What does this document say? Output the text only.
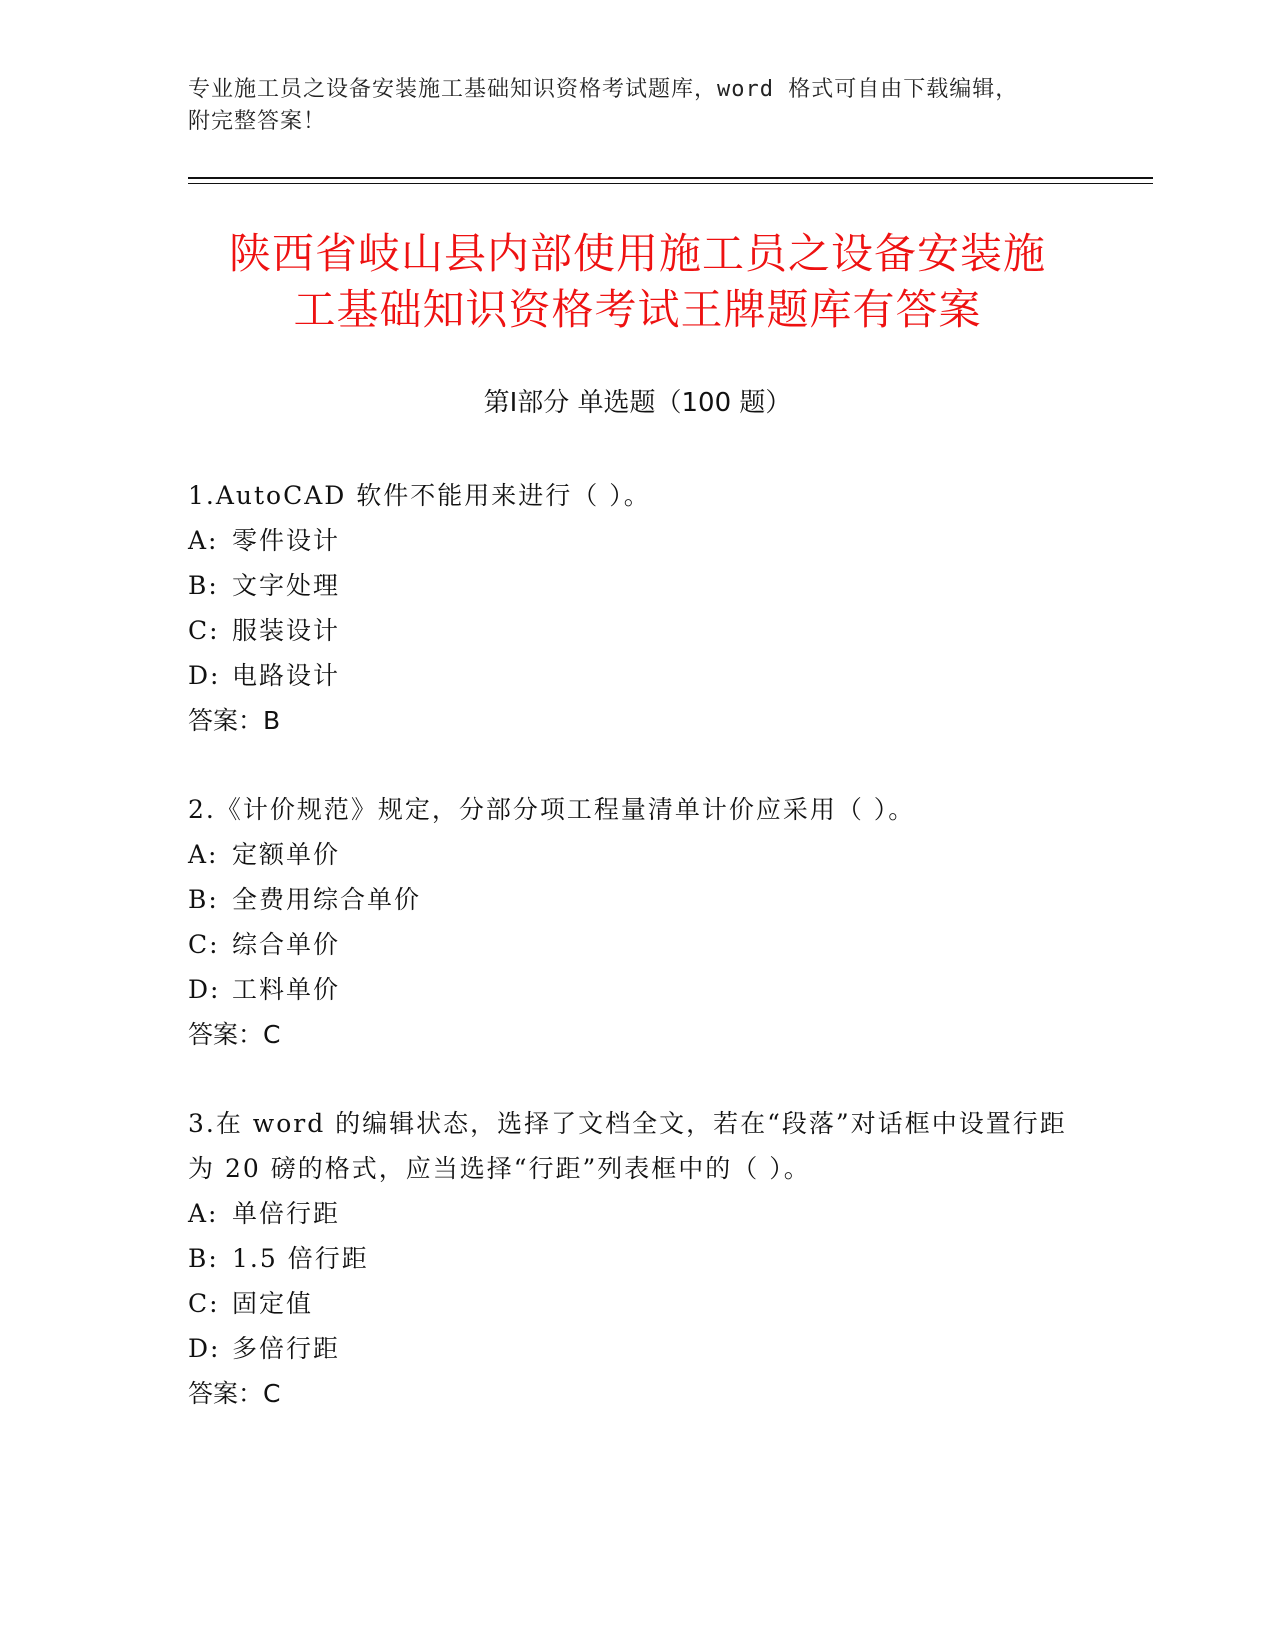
专业施工员之设备安装施工基础知识资格考试题库，word 格式可自由下载编辑，
附完整答案！
陕西省岐山县内部使用施工员之设备安装施
工基础知识资格考试王牌题库有答案
第Ⅰ部分 单选题（100 题）

1.AutoCAD 软件不能用来进行（ ）。

A: 零件设计

B: 文字处理

C: 服装设计

D: 电路设计

答案：B

2.《计价规范》规定，分部分项工程量清单计价应采用（ ）。

A: 定额单价

B: 全费用综合单价

C: 综合单价

D: 工料单价

答案：C

3.在 word 的编辑状态，选择了文档全文，若在“段落”对话框中设置行距为 20 磅的格式，应当选择“行距”列表框中的（ ）。

A: 单倍行距

B: 1.5 倍行距

C: 固定值

D: 多倍行距

答案：C
